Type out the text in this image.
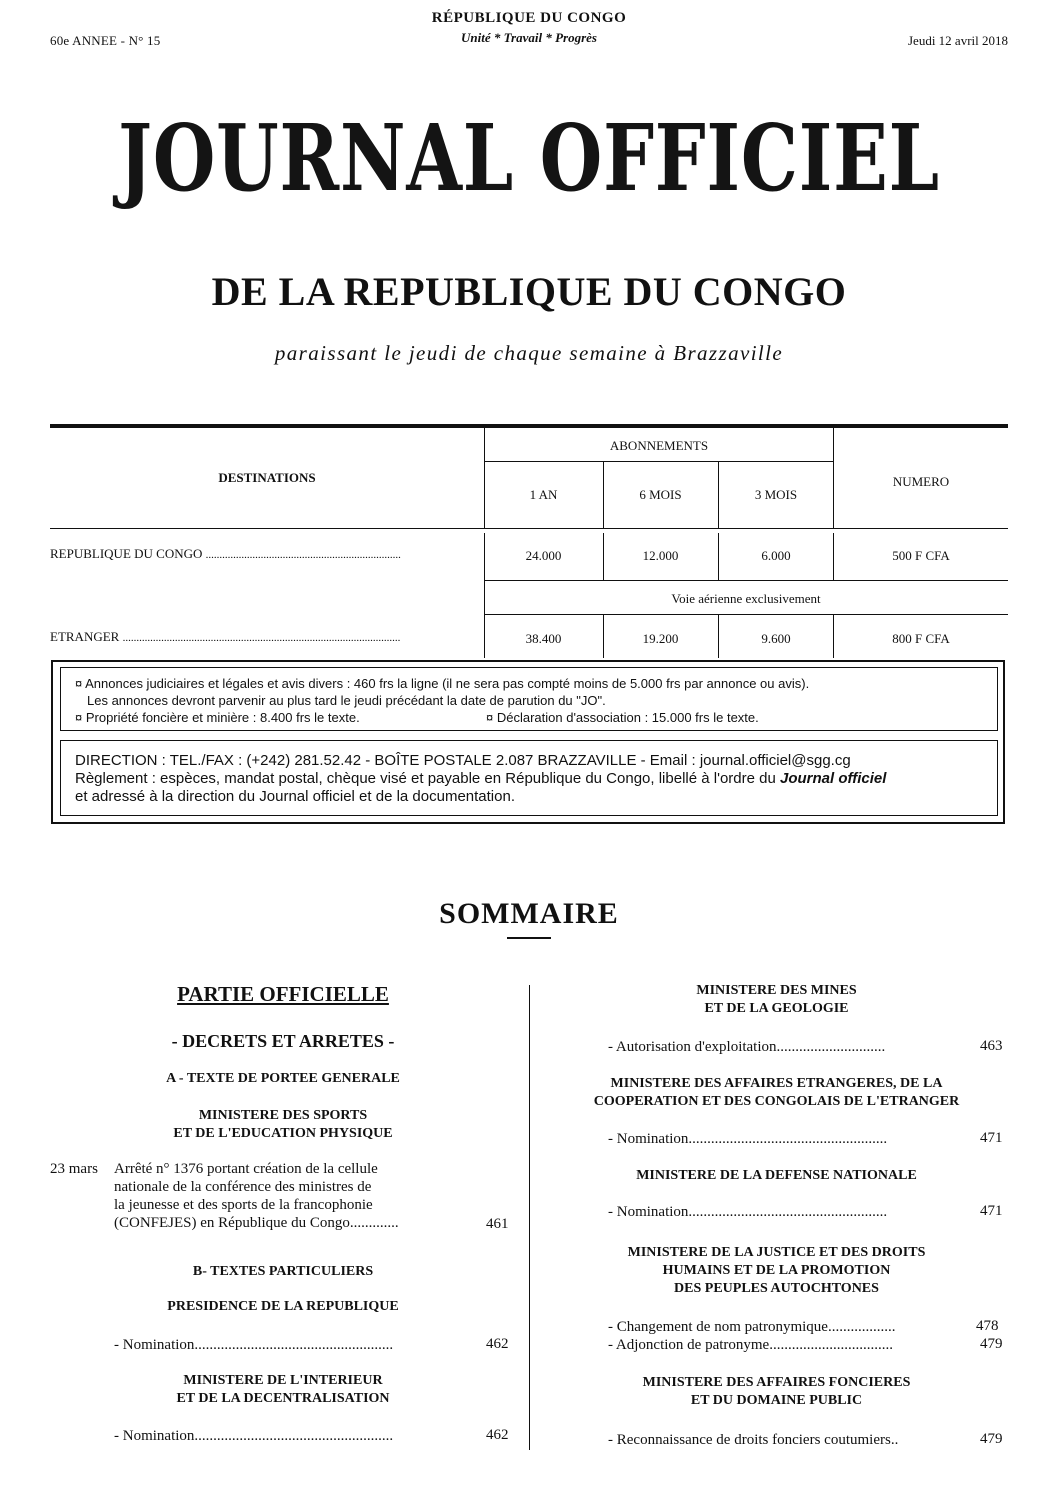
60e ANNEE - N° 15
RÉPUBLIQUE DU CONGO
Unité * Travail * Progrès	Jeudi 12 avril 2018
JOURNAL OFFICIEL
DE LA REPUBLIQUE DU CONGO
paraissant le jeudi de chaque semaine à Brazzaville
DESTINATIONS
ABONNEMENTS
NUMERO
1 AN	6 MOIS	3 MOIS
REPUBLIQUE DU CONGO .......................................................................	24.000	12.000	6.000	500 F CFA
Voie aérienne exclusivement
ETRANGER .....................................................................................................	38.400	19.200	9.600	800 F CFA
¤ Annonces judiciaires et légales et avis divers : 460 frs la ligne (il ne sera pas compté moins de 5.000 frs par annonce ou avis).
Les annonces devront parvenir au plus tard le jeudi précédant la date de parution du "JO".
¤ Propriété foncière et minière : 8.400 frs le texte.	¤ Déclaration d'association : 15.000 frs le texte.
DIRECTION : TEL./FAX : (+242) 281.52.42 - BOÎTE POSTALE 2.087 BRAZZAVILLE - Email : journal.officiel@sgg.cg
Règlement : espèces, mandat postal, chèque visé et payable en République du Congo, libellé à l'ordre du Journal officiel
et adressé à la direction du Journal officiel et de la documentation.
SOMMAIRE
PARTIE OFFICIELLE
- DECRETS ET ARRETES -
A - TEXTE DE PORTEE GENERALE
MINISTERE DES SPORTS
ET DE L'EDUCATION PHYSIQUE
23 mars Arrêté n° 1376 portant création de la cellule
nationale de la conférence des ministres de
la jeunesse et des sports de la francophonie
(CONFEJES) en République du Congo.............	461
B- TEXTES PARTICULIERS
PRESIDENCE DE LA REPUBLIQUE
- Nomination.....................................................	462
MINISTERE DE L'INTERIEUR
ET DE LA DECENTRALISATION
- Nomination.....................................................	462
MINISTERE DES MINES
ET DE LA GEOLOGIE
- Autorisation d'exploitation.............................	463
MINISTERE DES AFFAIRES ETRANGERES, DE LA
COOPERATION ET DES CONGOLAIS DE L'ETRANGER
- Nomination.....................................................	471
MINISTERE DE LA DEFENSE NATIONALE
- Nomination.....................................................	471
MINISTERE DE LA JUSTICE ET DES DROITS
HUMAINS ET DE LA PROMOTION
DES PEUPLES AUTOCHTONES
- Changement de nom patronymique..................	478
- Adjonction de patronyme.................................	479
MINISTERE DES AFFAIRES FONCIERES
ET DU DOMAINE PUBLIC
- Reconnaissance de droits fonciers coutumiers..	479
